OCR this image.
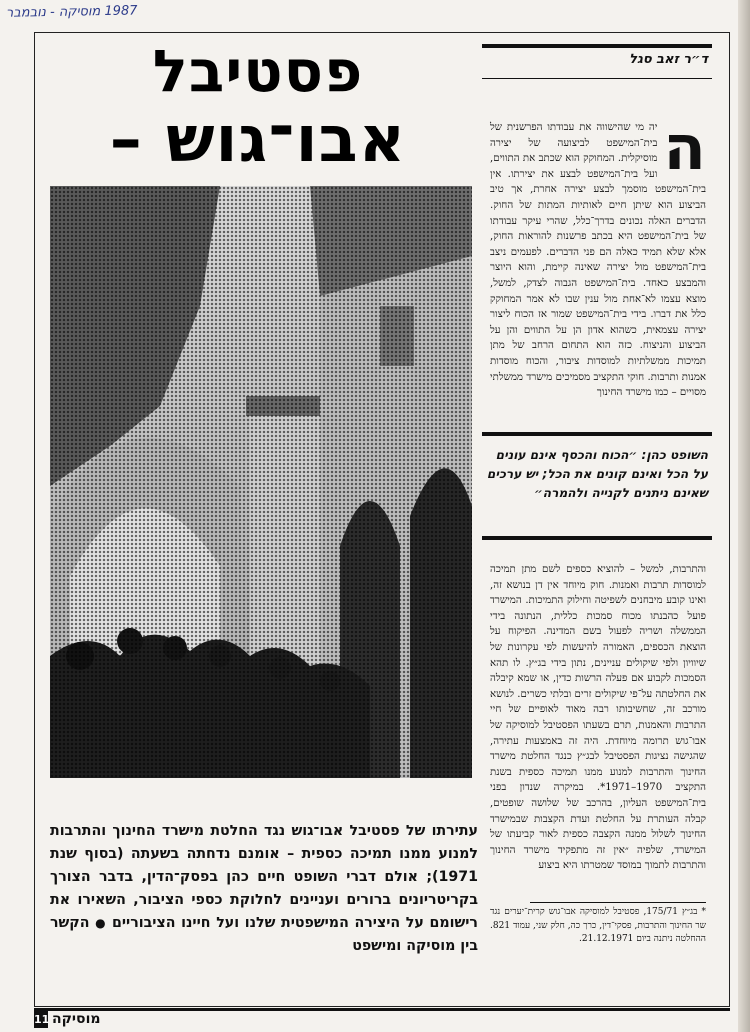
1987 מוסיקה - נובמבר
פסטיבל
אבו־גוש –
עתירתו של פסטיבל אבו־גוש נגד החלטת מישרד החינוך והתרבות למנוע ממנו תמיכה כספית – אומנם נדחתה בשעתה (בסוף שנת 1971); אולם דברי השופט חיים כהן בפסק־הדין, בדבר הצורך בקריטריונים ברורים ועניינים לחלוקת כספי הציבור, השאירו את רישומם על היצירה המישפטית שלנו ועל חיינו הציבוריים ● הקשר בין מוסיקה ומישפט
ד״ר זאב סגל
ה
יה מי שהישווה את עבודתו הפרשנית של בית־המישפט לביצועה של יצירה מוסיקלית. המחוקק הוא שכתב את התווים, ועל בית־המישפט לבצע את יצירתו. אין בית־המישפט מוסמך לבצע יצירה אחרת, אך טיב הביצוע הוא שיתן חיים לאותיות המתות של החוק. הדברים האלה נכונים בדרך־כלל, שהרי עיקר עבודתו של בית־המישפט היא בכתב פרשנות להוראות החוק, אלא שלא תמיד כאלה הם פני הדברים. לפעמים ניצב בית־המישפט מול יצירה שאינה קיימת, והוא היוצר והמבצע כאחד. בית־המישפט הגבוה לצדק, למשל, מוצא עצמו לא־אחת מול ענין שבו לא אמר המחוקק כלל את דברו. בידי בית־המישפט שמור אז הכוח ליצור יצירה עצמאית, כשהוא אדון הן על התווים והן על הביצוע והניצוח. כזה הוא התחום הרחב של מתן תמיכות ממשלתיות למוסדות ציבור, והכוח מוסדות אמנות ותרבות. חוקי התקציב מסמיכים מישרד ממשלתי מסויים – כמו מישרד החינוך
השופט כהן: ״הכוח והכסף אינם עונים על הכל ואינם קונים את הכל; יש ערכים שאינם ניתנים לקנייה ולהמרה״
והתרבות, למשל – להוציא כספים לשם מתן תמיכה למוסדות תרבות ואמנות. חוק מיוחד אין דן בנושא זה, ואינו קובע מיבחנים לשפיטה וחילוק התמיכות. המישרד פועל כהבנתו מכוח סמכות כללית, הנתונה בידי הממשלה ושריה לפעול בשם המדינה. הפיקוח על הוצאת הכספים, האמורה להיעשות לפי עקרונות של שיוויון ולפי שיקולים עניינים, נתון בידי בג״ץ. לו תהא הסמכות לקבוע אם פעלה הרשות כדין, או שמא קיבלה את החלטתה על־פי שיקולים זרים ובלתי כשרים. לנושא מורכב זה, שחשיבותו רבה מאוד לאופיים של חיי התרבות והאמנות, תרם בשעתו הפסטיבל למוסיקה של אבו־גוש תרומה מיוחדת. היה זה באמצעות עתירה, שהגישה נציגות הפסטיבל לבג״ץ כנגד החלטת מישרד החינוך והתרבות למנוע ממנו תמיכה כספית בשנת התקציב 1970–1971*. במיקרה שנדון בפני בית־המישפט העליון, בהרכב של שלושה שופטים, קבלה העותרת על החלטת ועדת הקצבות שבמישרד החינוך לשלול ממנה הקצבה כספית לאור קביעתו של המישרד, שלפיה ״אין זה מתפקיד מישרד החינוך והתרבות לתמוך במוסד שמטרתו היא ביצוע
* בג״ץ 175/71, פסטיבל למוסיקה אבו־גוש קרית־יערים נגד שר החינוך והתרבות, פסקי־דין, כרך כה, חלק שני, עמוד 821. ההחלטה ניתנה ביום 21.12.1971.
11 מוסיקה
